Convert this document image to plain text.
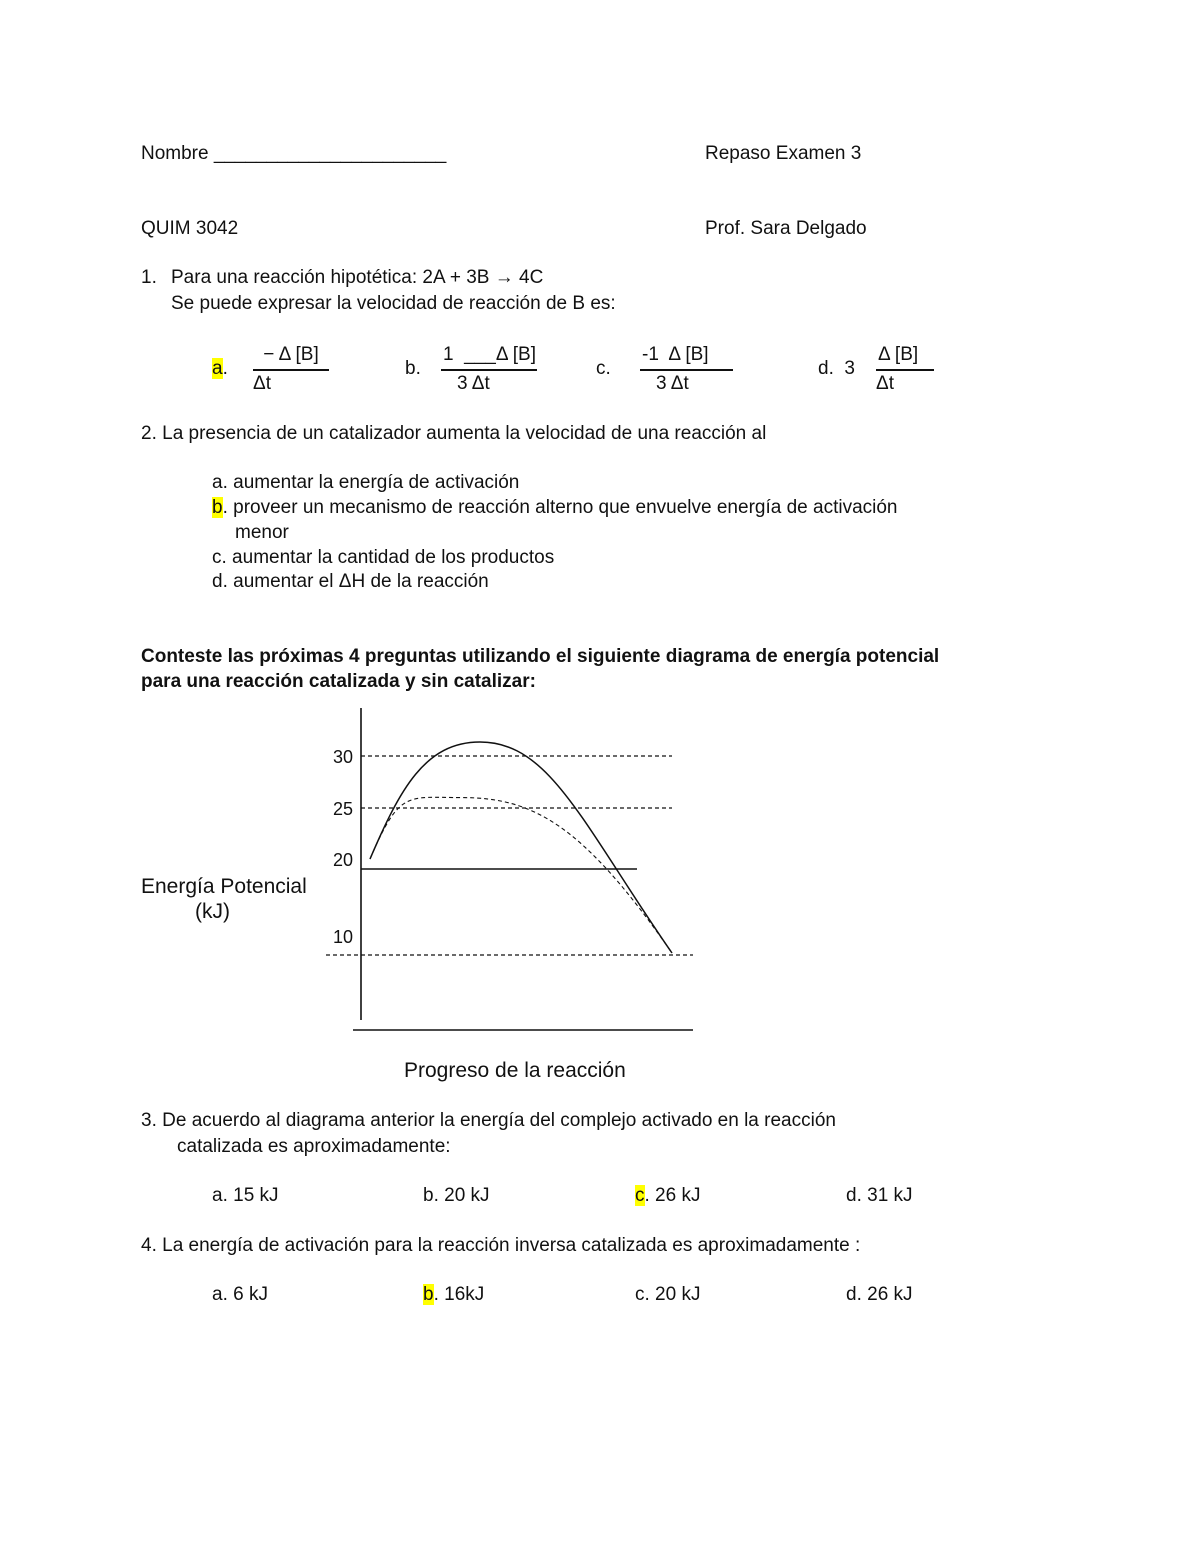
Nombre ______________________	Repaso Examen 3
QUIM 3042	Prof. Sara Delgado
1. Para una reacción hipotética: 2A + 3B → 4C
Se puede expresar la velocidad de reacción de B es:
a. $\frac{- \Delta [B]}{\Delta t}$	b. $\frac{1 \_\_\_\Delta [B]}{3 \Delta t}$	c. $\frac{-1 \Delta [B]}{3 \Delta t}$	d. $3 \frac{\Delta [B]}{\Delta t}$
2. La presencia de un catalizador aumenta la velocidad de una reacción al
a. aumentar la energía de activación
b. proveer un mecanismo de reacción alterno que envuelve energía de activación
menor
c. aumentar la cantidad de los productos
d. aumentar el ΔH de la reacción
Conteste las próximas 4 preguntas utilizando el siguiente diagrama de energía potencial
para una reacción catalizada y sin catalizar:
30
25
20
10
Energía Potencial
(kJ)
Progreso de la reacción
3. De acuerdo al diagrama anterior la energía del complejo activado en la reacción
catalizada es aproximadamente:
a. 15 kJ	b. 20 kJ	c. 26 kJ	d. 31 kJ
4. La energía de activación para la reacción inversa catalizada es aproximadamente :
a. 6 kJ	b. 16kJ	c. 20 kJ	d. 26 kJ
